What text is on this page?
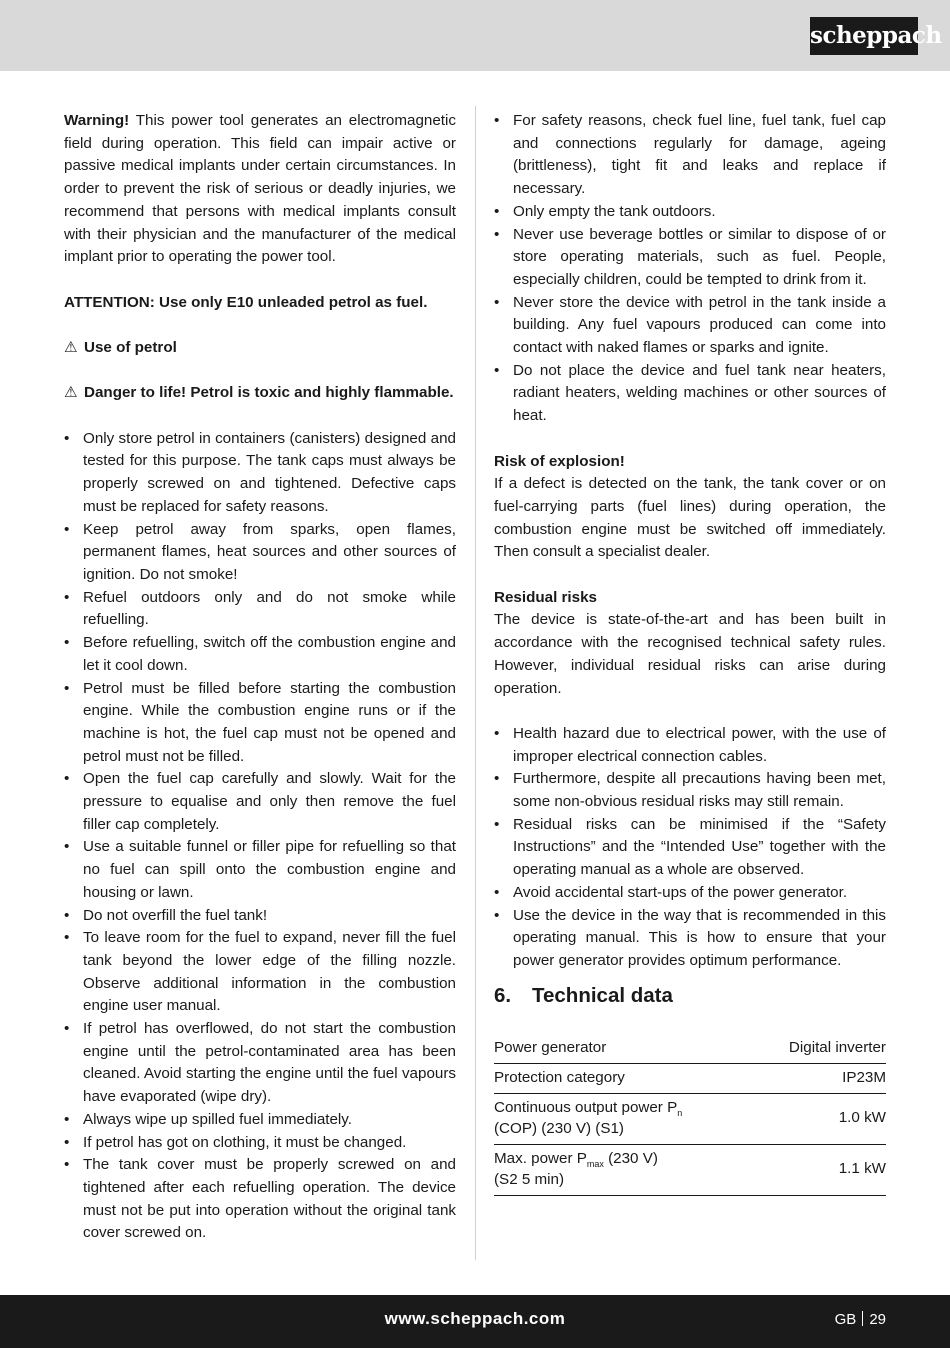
scheppach

Warning! This power tool generates an electromagnetic field during operation. This field can impair active or passive medical implants under certain circumstances. In order to prevent the risk of serious or deadly injuries, we recommend that persons with medical implants consult with their physician and the manufacturer of the medical implant prior to operating the power tool.

ATTENTION: Use only E10 unleaded petrol as fuel.

⚠ Use of petrol
⚠ Danger to life! Petrol is toxic and highly flammable.
• Only store petrol in containers (canisters) designed and tested for this purpose. The tank caps must always be properly screwed on and tightened. Defective caps must be replaced for safety reasons.
• Keep petrol away from sparks, open flames, permanent flames, heat sources and other sources of ignition. Do not smoke!
• Refuel outdoors only and do not smoke while refuelling.
• Before refuelling, switch off the combustion engine and let it cool down.
• Petrol must be filled before starting the combustion engine. While the combustion engine runs or if the machine is hot, the fuel cap must not be opened and petrol must not be filled.
• Open the fuel cap carefully and slowly. Wait for the pressure to equalise and only then remove the fuel filler cap completely.
• Use a suitable funnel or filler pipe for refuelling so that no fuel can spill onto the combustion engine and housing or lawn.
• Do not overfill the fuel tank!
• To leave room for the fuel to expand, never fill the fuel tank beyond the lower edge of the filling nozzle. Observe additional information in the combustion engine user manual.
• If petrol has overflowed, do not start the combustion engine until the petrol-contaminated area has been cleaned. Avoid starting the engine until the fuel vapours have evaporated (wipe dry).
• Always wipe up spilled fuel immediately.
• If petrol has got on clothing, it must be changed.
• The tank cover must be properly screwed on and tightened after each refuelling operation. The device must not be put into operation without the original tank cover screwed on.
• For safety reasons, check fuel line, fuel tank, fuel cap and connections regularly for damage, ageing (brittleness), tight fit and leaks and replace if necessary.
• Only empty the tank outdoors.
• Never use beverage bottles or similar to dispose of or store operating materials, such as fuel. People, especially children, could be tempted to drink from it.
• Never store the device with petrol in the tank inside a building. Any fuel vapours produced can come into contact with naked flames or sparks and ignite.
• Do not place the device and fuel tank near heaters, radiant heaters, welding machines or other sources of heat.

Risk of explosion!

If a defect is detected on the tank, the tank cover or on fuel-carrying parts (fuel lines) during operation, the combustion engine must be switched off immediately. Then consult a specialist dealer.

Residual risks

The device is state-of-the-art and has been built in accordance with the recognised technical safety rules. However, individual residual risks can arise during operation.

• Health hazard due to electrical power, with the use of improper electrical connection cables.
• Furthermore, despite all precautions having been met, some non-obvious residual risks may still remain.
• Residual risks can be minimised if the “Safety Instructions” and the “Intended Use” together with the operating manual as a whole are observed.
• Avoid accidental start-ups of the power generator.
• Use the device in the way that is recommended in this operating manual. This is how to ensure that your power generator provides optimum performance.
6. Technical data
Power generator	Digital inverter
Protection category	IP23M
Continuous output power $P_n$
(COP) (230 V) (S1)	1.0 kW
Max. power $P_{max}$ (230 V)
(S2 5 min)	1.1 kW
www.scheppach.com	GB 29
